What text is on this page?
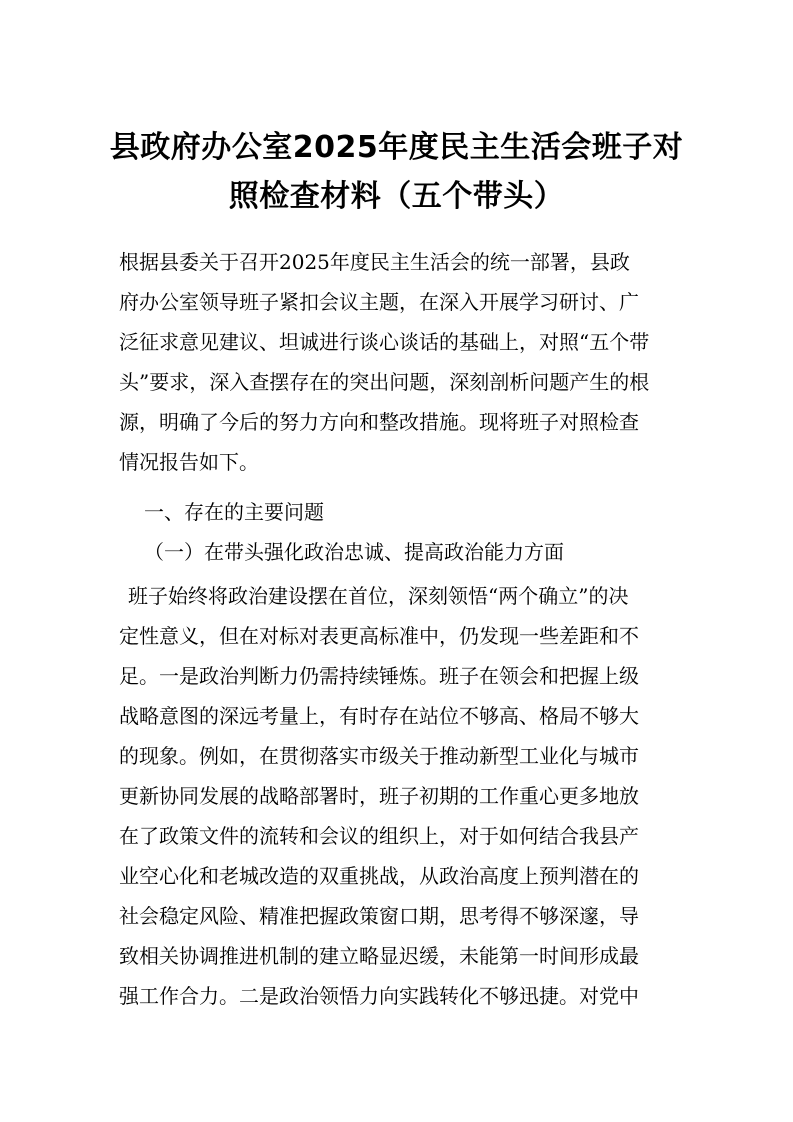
县政府办公室2025年度民主生活会班子对
照检查材料（五个带头）
根据县委关于召开2025年度民主生活会的统一部署，县政
府办公室领导班子紧扣会议主题，在深入开展学习研讨、广
泛征求意见建议、坦诚进行谈心谈话的基础上，对照“五个带
头”要求，深入查摆存在的突出问题，深刻剖析问题产生的根
源，明确了今后的努力方向和整改措施。现将班子对照检查
情况报告如下。
一、存在的主要问题
（一）在带头强化政治忠诚、提高政治能力方面
班子始终将政治建设摆在首位，深刻领悟“两个确立”的决
定性意义，但在对标对表更高标准中，仍发现一些差距和不
足。一是政治判断力仍需持续锤炼。班子在领会和把握上级
战略意图的深远考量上，有时存在站位不够高、格局不够大
的现象。例如，在贯彻落实市级关于推动新型工业化与城市
更新协同发展的战略部署时，班子初期的工作重心更多地放
在了政策文件的流转和会议的组织上，对于如何结合我县产
业空心化和老城改造的双重挑战，从政治高度上预判潜在的
社会稳定风险、精准把握政策窗口期，思考得不够深邃，导
致相关协调推进机制的建立略显迟缓，未能第一时间形成最
强工作合力。二是政治领悟力向实践转化不够迅捷。对党中
